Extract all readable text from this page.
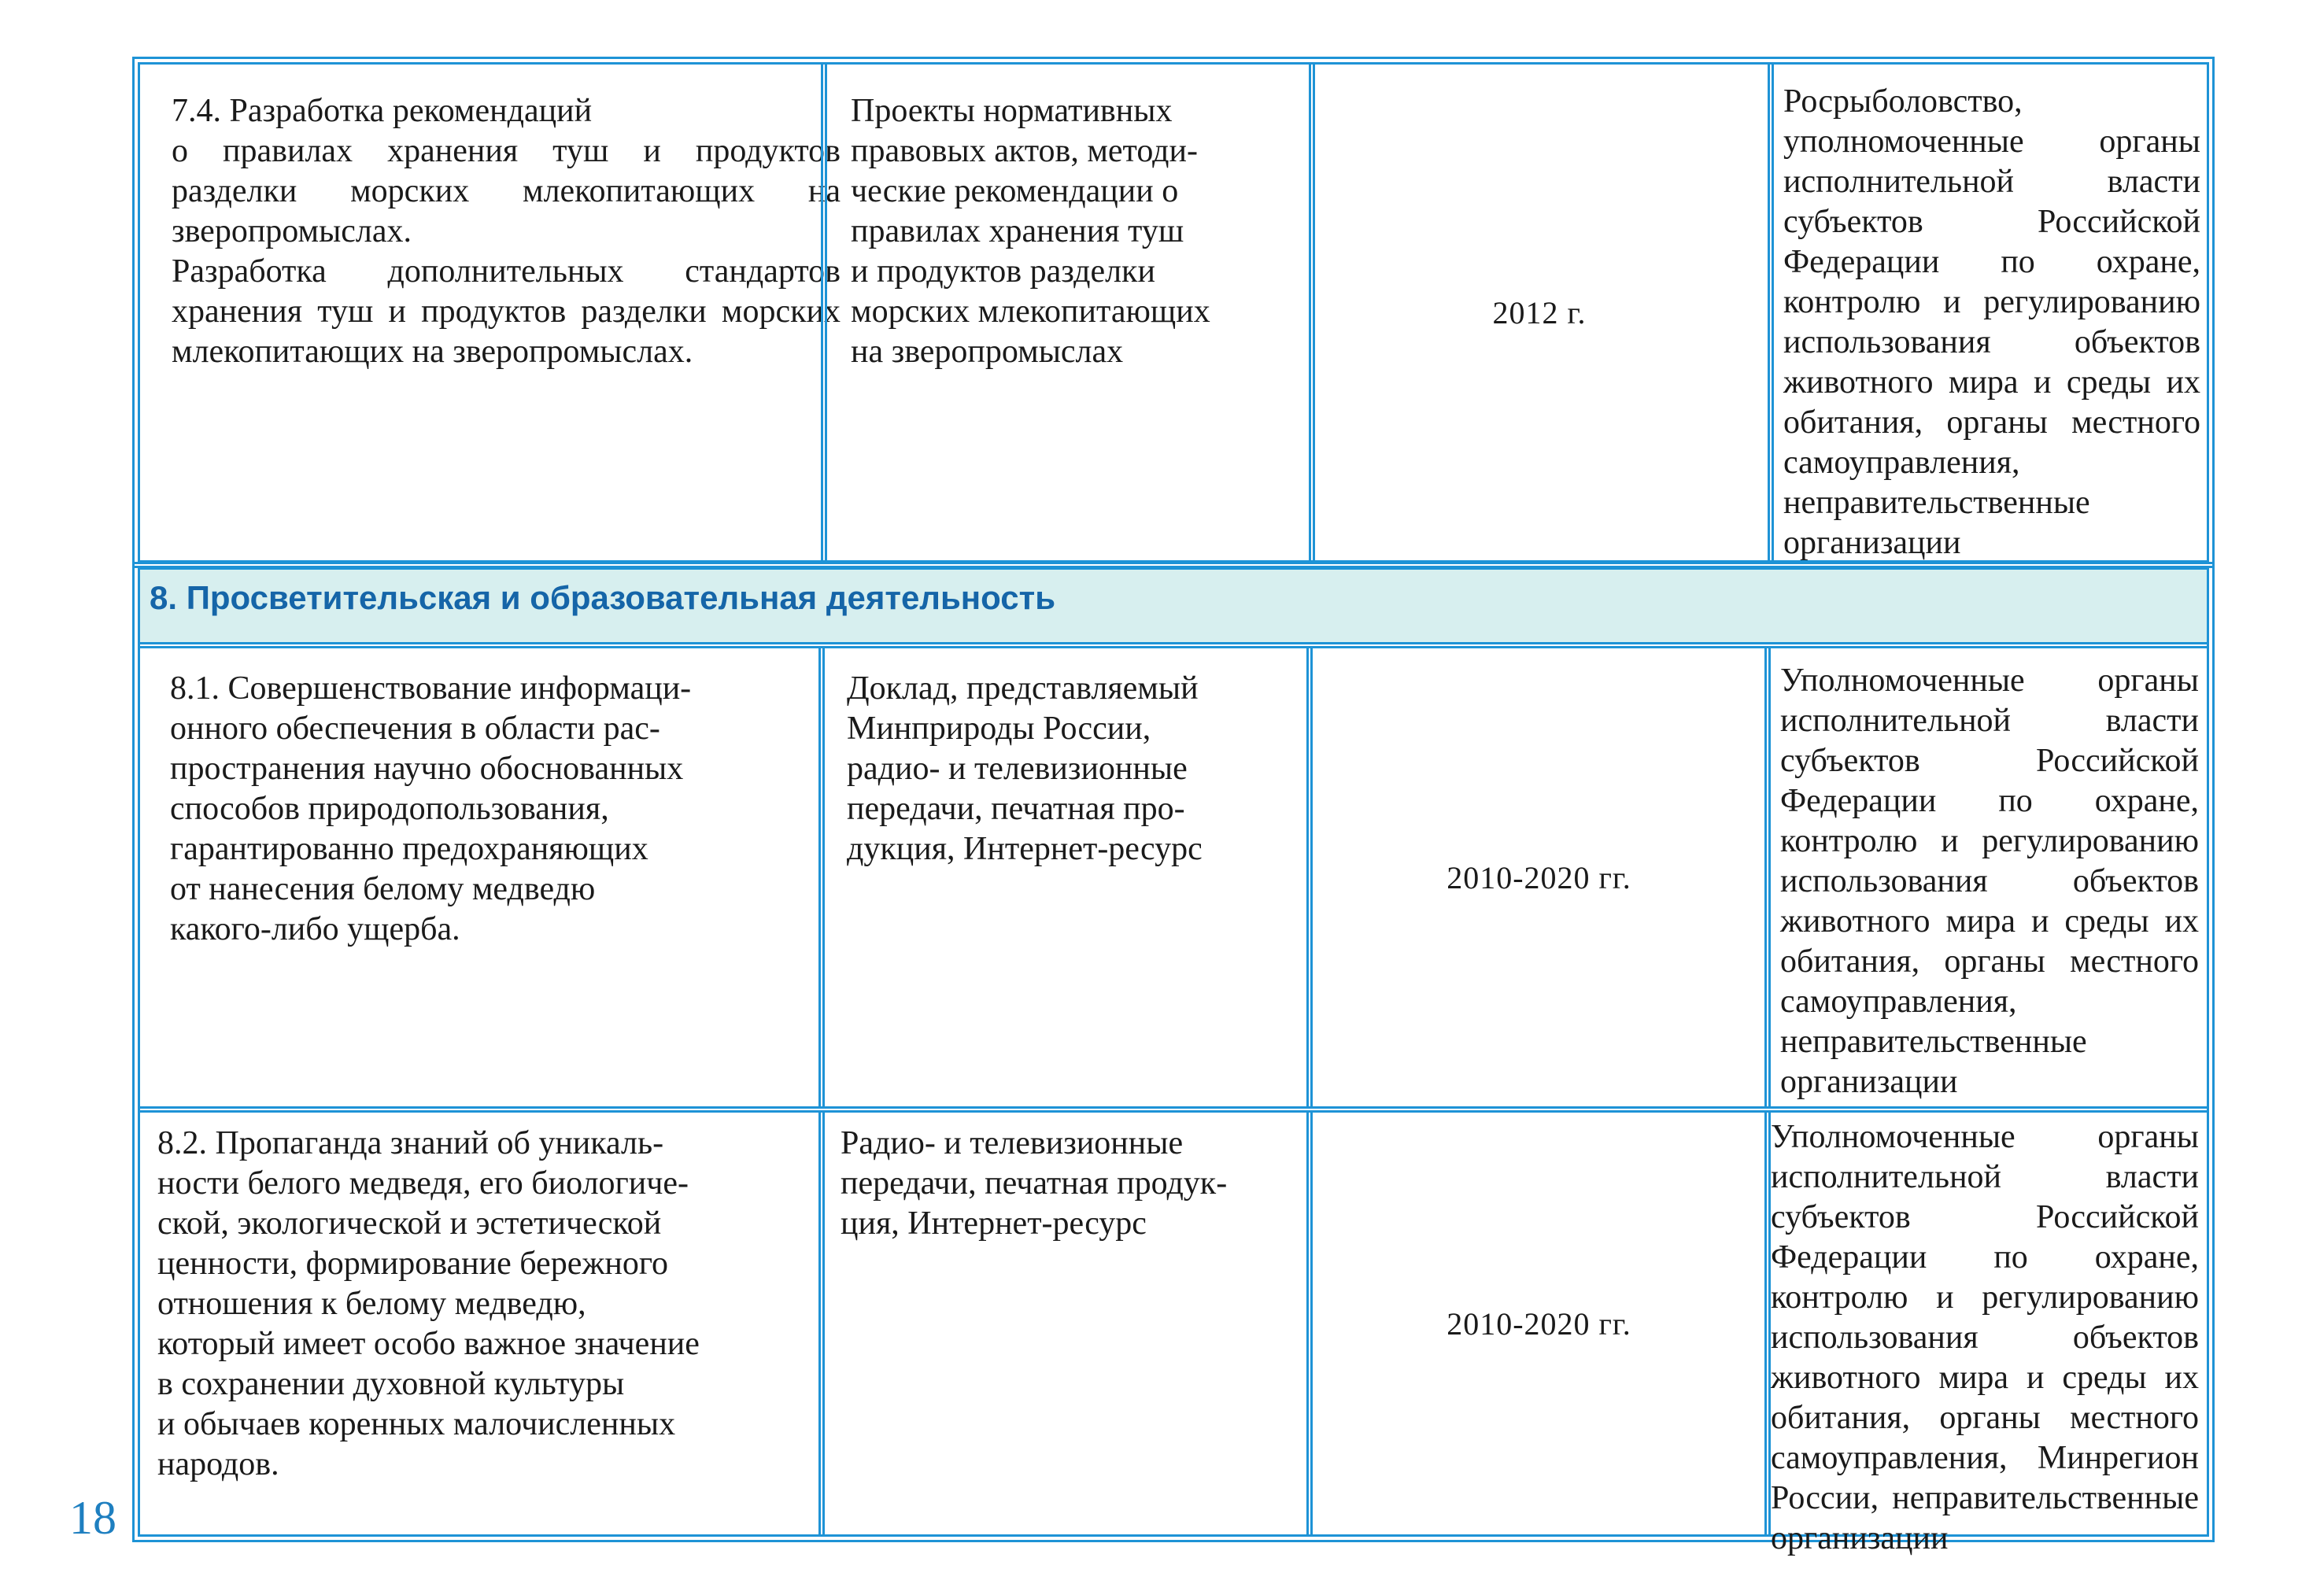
7.4. Разработка рекомендаций
о правилах хранения туш и продуктов разделки морских млекопитающих на зверопромыслах.
Разработка дополнительных стандартов хранения туш и продуктов разделки морских млекопитающих на зверопромыслах.
Проекты нормативных
правовых актов, методи-
ческие рекомендации о
правилах хранения туш
и продуктов разделки
морских млекопитающих
на зверопромыслах
2012 г.
Росрыболовство, уполномоченные органы исполнительной власти субъектов Российской Федерации по охране, контролю и регулированию использования объектов животного мира и среды их обитания, органы местного самоуправления, неправительственные организации
8. Просветительская и образовательная деятельность
8.1. Совершенствование информаци-
онного обеспечения в области рас-
пространения научно обоснованных
способов природопользования,
гарантированно предохраняющих
от нанесения белому медведю
какого-либо ущерба.
Доклад, представляемый
Минприроды России,
радио- и телевизионные
передачи, печатная про-
дукция, Интернет-ресурс
2010-2020 гг.
Уполномоченные органы исполнительной власти субъектов Российской Федерации по охране, контролю и регулированию использования объектов животного мира и среды их обитания, органы местного самоуправления, неправительственные организации
8.2. Пропаганда знаний об уникаль-
ности белого медведя, его биологиче-
ской, экологической и эстетической
ценности, формирование бережного
отношения к белому медведю,
который имеет особо важное значение
в сохранении духовной культуры
и обычаев коренных малочисленных
народов.
Радио- и телевизионные
передачи, печатная продук-
ция, Интернет-ресурс
2010-2020 гг.
Уполномоченные органы исполнительной власти субъектов Российской Федерации по охране, контролю и регулированию использования объектов животного мира и среды их обитания, органы местного самоуправления, Минрегион России, неправительственные организации
18
